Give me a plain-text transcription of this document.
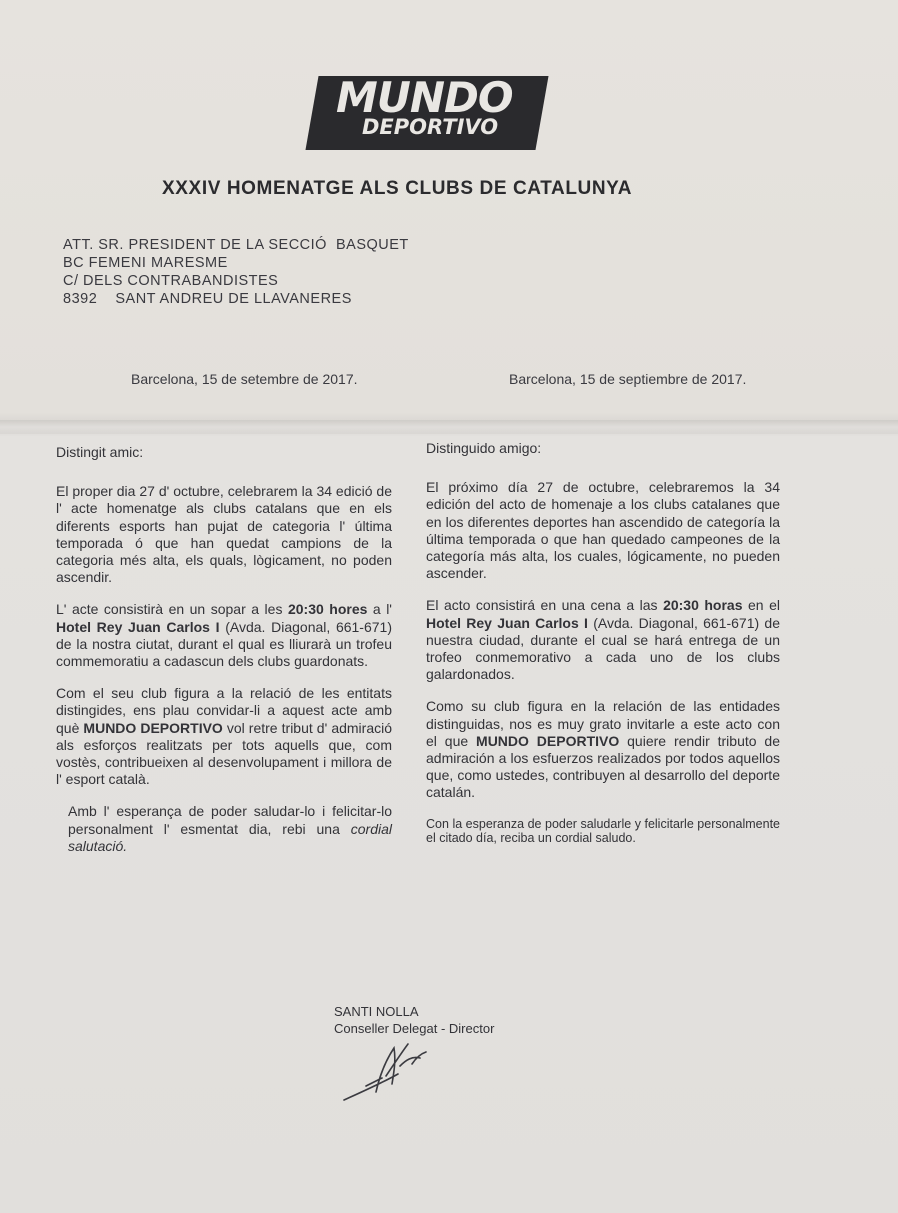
MUNDO
DEPORTIVO
XXXIV HOMENATGE ALS CLUBS DE CATALUNYA
ATT. SR. PRESIDENT DE LA SECCIÓ  BASQUET
BC FEMENI MARESME
C/ DELS CONTRABANDISTES
8392    SANT ANDREU DE LLAVANERES
Barcelona, 15 de setembre de 2017.	Barcelona, 15 de septiembre de 2017.

Distingit amic:

El proper dia 27 d' octubre, celebrarem la 34 edició de l' acte homenatge als clubs catalans que en els diferents esports han pujat de categoria l' última temporada ó que han quedat campions de la categoria més alta, els quals, lògicament, no poden ascendir.

L' acte consistirà en un sopar a les 20:30 hores a l' Hotel Rey Juan Carlos I (Avda. Diagonal, 661-671) de la nostra ciutat, durant el qual es lliurarà un trofeu commemoratiu a cadascun dels clubs guardonats.

Com el seu club figura a la relació de les entitats distingides, ens plau convidar-li a aquest acte amb què MUNDO DEPORTIVO vol retre tribut d' admiració als esforços realitzats per tots aquells que, com vostès, contribueixen al desenvolupament i millora de l' esport català.

Amb l' esperança de poder saludar-lo i felicitar-lo personalment l' esmentat dia, rebi una cordial salutació.

Distinguido amigo:

El próximo día 27 de octubre, celebraremos la 34 edición del acto de homenaje a los clubs catalanes que en los diferentes deportes han ascendido de categoría la última temporada o que han quedado campeones de la categoría más alta, los cuales, lógicamente, no pueden ascender.

El acto consistirá en una cena a las 20:30 horas en el Hotel Rey Juan Carlos I (Avda. Diagonal, 661-671) de nuestra ciudad, durante el cual se hará entrega de un trofeo conmemorativo a cada uno de los clubs galardonados.

Como su club figura en la relación de las entidades distinguidas, nos es muy grato invitarle a este acto con el que MUNDO DEPORTIVO quiere rendir tributo de admiración a los esfuerzos realizados por todos aquellos que, como ustedes, contribuyen al desarrollo del deporte catalán.

Con la esperanza de poder saludarle y felicitarle personalmente el citado día, reciba un cordial saludo.

SANTI NOLLA
Conseller Delegat - Director
